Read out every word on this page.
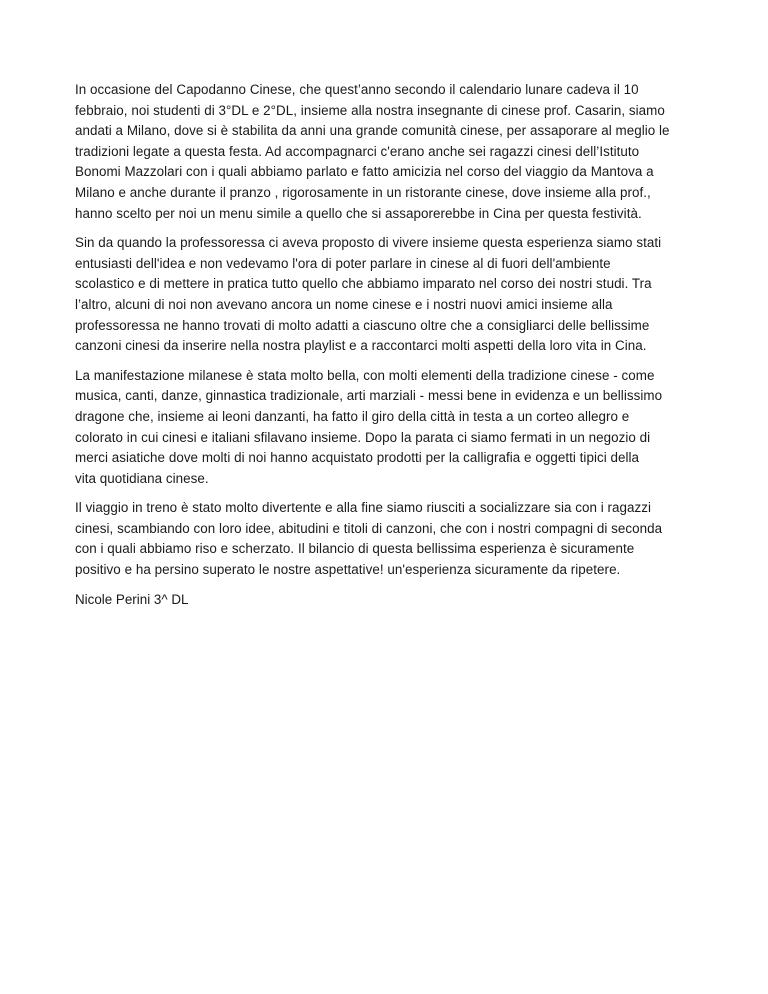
In occasione del Capodanno Cinese, che quest’anno secondo il calendario lunare cadeva il 10
febbraio, noi studenti di 3°DL e 2°DL, insieme alla nostra insegnante di cinese prof. Casarin, siamo
andati a Milano, dove si è stabilita da anni una grande comunità cinese, per assaporare al meglio le
tradizioni legate a questa festa. Ad accompagnarci c'erano anche sei ragazzi cinesi dell’Istituto
Bonomi Mazzolari con i quali abbiamo parlato e fatto amicizia nel corso del viaggio da Mantova a
Milano e anche durante il pranzo , rigorosamente in un ristorante cinese, dove insieme alla prof.,
hanno scelto per noi un menu simile a quello che si assaporerebbe in Cina per questa festività.

Sin da quando la professoressa ci aveva proposto di vivere insieme questa esperienza siamo stati
entusiasti dell'idea e non vedevamo l'ora di poter parlare in cinese al di fuori dell'ambiente
scolastico e di mettere in pratica tutto quello che abbiamo imparato nel corso dei nostri studi. Tra
l’altro, alcuni di noi non avevano ancora un nome cinese e i nostri nuovi amici insieme alla
professoressa ne hanno trovati di molto adatti a ciascuno oltre che a consigliarci delle bellissime
canzoni cinesi da inserire nella nostra playlist e a raccontarci molti aspetti della loro vita in Cina.

La manifestazione milanese è stata molto bella, con molti elementi della tradizione cinese - come
musica, canti, danze, ginnastica tradizionale, arti marziali - messi bene in evidenza e un bellissimo
dragone che, insieme ai leoni danzanti, ha fatto il giro della città in testa a un corteo allegro e
colorato in cui cinesi e italiani sfilavano insieme. Dopo la parata ci siamo fermati in un negozio di
merci asiatiche dove molti di noi hanno acquistato prodotti per la calligrafia e oggetti tipici della
vita quotidiana cinese.

Il viaggio in treno è stato molto divertente e alla fine siamo riusciti a socializzare sia con i ragazzi
cinesi, scambiando con loro idee, abitudini e titoli di canzoni, che con i nostri compagni di seconda
con i quali abbiamo riso e scherzato. Il bilancio di questa bellissima esperienza è sicuramente
positivo e ha persino superato le nostre aspettative! un'esperienza sicuramente da ripetere.

Nicole Perini 3^ DL
